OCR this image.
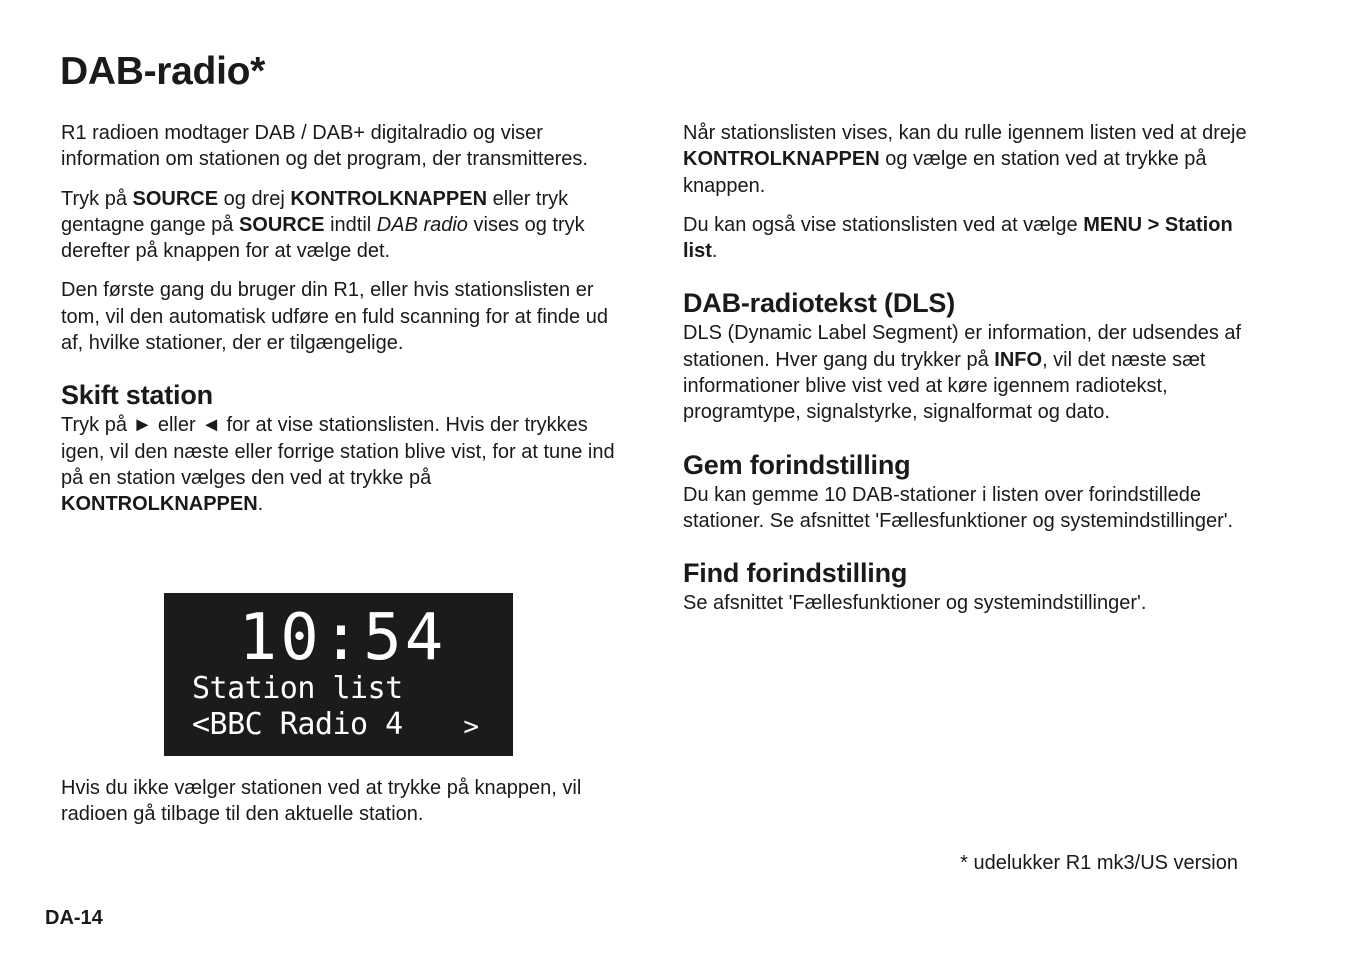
DAB-radio*

R1 radioen modtager DAB / DAB+ digitalradio og viser information om stationen og det program, der transmitteres.

Tryk på SOURCE og drej KONTROLKNAPPEN eller tryk gentagne gange på SOURCE indtil DAB radio vises og tryk derefter på knappen for at vælge det.

Den første gang du bruger din R1, eller hvis stationslisten er tom, vil den automatisk udføre en fuld scanning for at finde ud af, hvilke stationer, der er tilgængelige.

Skift station

Tryk på ► eller ◄ for at vise stationslisten. Hvis der trykkes igen, vil den næste eller forrige station blive vist, for at tune ind på en station vælges den ved at trykke på KONTROLKNAPPEN.

10:54
Station list
<BBC Radio 4 >

Hvis du ikke vælger stationen ved at trykke på knappen, vil radioen gå tilbage til den aktuelle station.

Når stationslisten vises, kan du rulle igennem listen ved at dreje KONTROLKNAPPEN og vælge en station ved at trykke på knappen.

Du kan også vise stationslisten ved at vælge MENU > Station list.

DAB-radiotekst (DLS)

DLS (Dynamic Label Segment) er information, der udsendes af stationen. Hver gang du trykker på INFO, vil det næste sæt informationer blive vist ved at køre igennem radiotekst, programtype, signalstyrke, signalformat og dato.

Gem forindstilling

Du kan gemme 10 DAB-stationer i listen over forindstillede stationer. Se afsnittet 'Fællesfunktioner og systemindstillinger'.

Find forindstilling

Se afsnittet 'Fællesfunktioner og systemindstillinger'.

* udelukker R1 mk3/US version
DA-14
